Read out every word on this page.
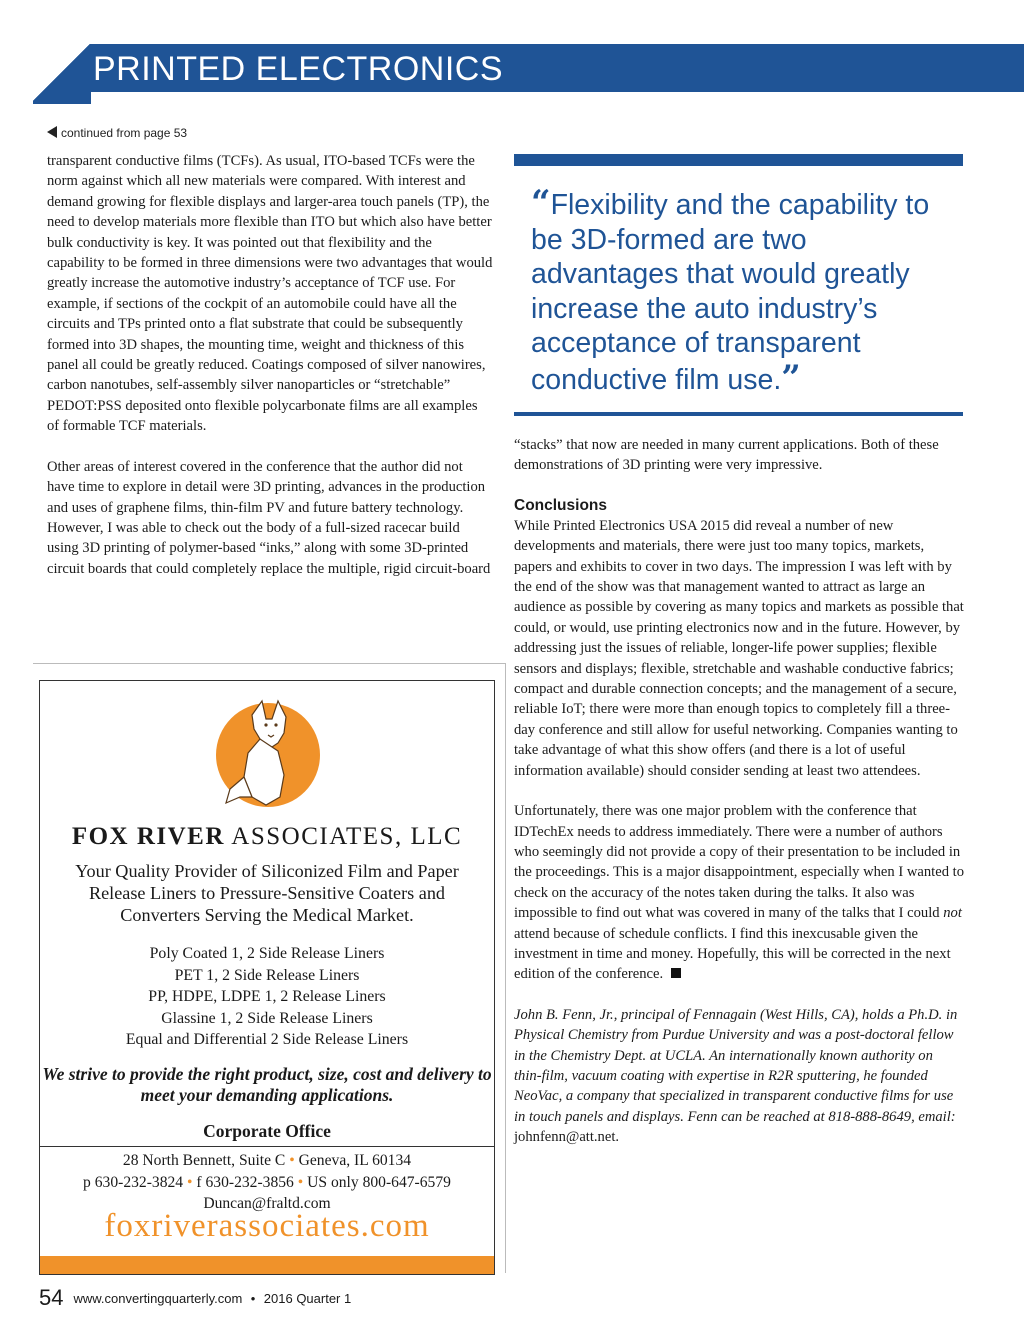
PRINTED ELECTRONICS
continued from page 53

transparent conductive films (TCFs). As usual, ITO-based TCFs were the norm against which all new materials were compared. With interest and demand growing for flexible displays and larger-area touch panels (TP), the need to develop materials more flexible than ITO but which also have better bulk conductivity is key. It was pointed out that flexibility and the capability to be formed in three dimensions were two advantages that would greatly increase the automotive industry’s acceptance of TCF use. For example, if sections of the cockpit of an automobile could have all the circuits and TPs printed onto a flat substrate that could be subsequently formed into 3D shapes, the mounting time, weight and thickness of this panel all could be greatly reduced. Coatings composed of silver nanowires, carbon nanotubes, self-assembly silver nanoparticles or “stretchable” PEDOT:PSS deposited onto flexible polycarbonate films are all examples of formable TCF materials.

Other areas of interest covered in the conference that the author did not have time to explore in detail were 3D printing, advances in the production and uses of graphene films, thin-film PV and future battery technology. However, I was able to check out the body of a full-sized racecar build using 3D printing of polymer-based “inks,” along with some 3D-printed circuit boards that could completely replace the multiple, rigid circuit-board

“Flexibility and the capability to be 3D-formed are two advantages that would greatly increase the auto industry’s acceptance of transparent conductive film use.”

“stacks” that now are needed in many current applications. Both of these demonstrations of 3D printing were very impressive.

Conclusions

While Printed Electronics USA 2015 did reveal a number of new developments and materials, there were just too many topics, markets, papers and exhibits to cover in two days. The impression I was left with by the end of the show was that management wanted to attract as large an audience as possible by covering as many topics and markets as possible that could, or would, use printing electronics now and in the future. However, by addressing just the issues of reliable, longer-life power supplies; flexible sensors and displays; flexible, stretchable and washable conductive fabrics; compact and durable connection concepts; and the management of a secure, reliable IoT; there were more than enough topics to completely fill a three-day conference and still allow for useful networking. Companies wanting to take advantage of what this show offers (and there is a lot of useful information available) should consider sending at least two attendees.

Unfortunately, there was one major problem with the conference that IDTechEx needs to address immediately. There were a number of authors who seemingly did not provide a copy of their presentation to be included in the proceedings. This is a major disappointment, especially when I wanted to check on the accuracy of the notes taken during the talks. It also was impossible to find out what was covered in many of the talks that I could not attend because of schedule conflicts. I find this inexcusable given the investment in time and money. Hopefully, this will be corrected in the next edition of the conference.

John B. Fenn, Jr., principal of Fennagain (West Hills, CA), holds a Ph.D. in Physical Chemistry from Purdue University and was a post-doctoral fellow in the Chemistry Dept. at UCLA. An internationally known authority on thin-film, vacuum coating with expertise in R2R sputtering, he founded NeoVac, a company that specialized in transparent conductive films for use in touch panels and displays. Fenn can be reached at 818-888-8649, email: johnfenn@att.net.

FOX RIVER ASSOCIATES, LLC
Your Quality Provider of Siliconized Film and Paper Release Liners to Pressure-Sensitive Coaters and Converters Serving the Medical Market.
Poly Coated 1, 2 Side Release Liners
PET 1, 2 Side Release Liners
PP, HDPE, LDPE 1, 2 Release Liners
Glassine 1, 2 Side Release Liners
Equal and Differential 2 Side Release Liners
We strive to provide the right product, size, cost and delivery to meet your demanding applications.
Corporate Office
28 North Bennett, Suite C • Geneva, IL 60134
p 630-232-3824 • f 630-232-3856 • US only 800-647-6579
Duncan@fraltd.com
foxriverassociates.com
54 www.convertingquarterly.com • 2016 Quarter 1
